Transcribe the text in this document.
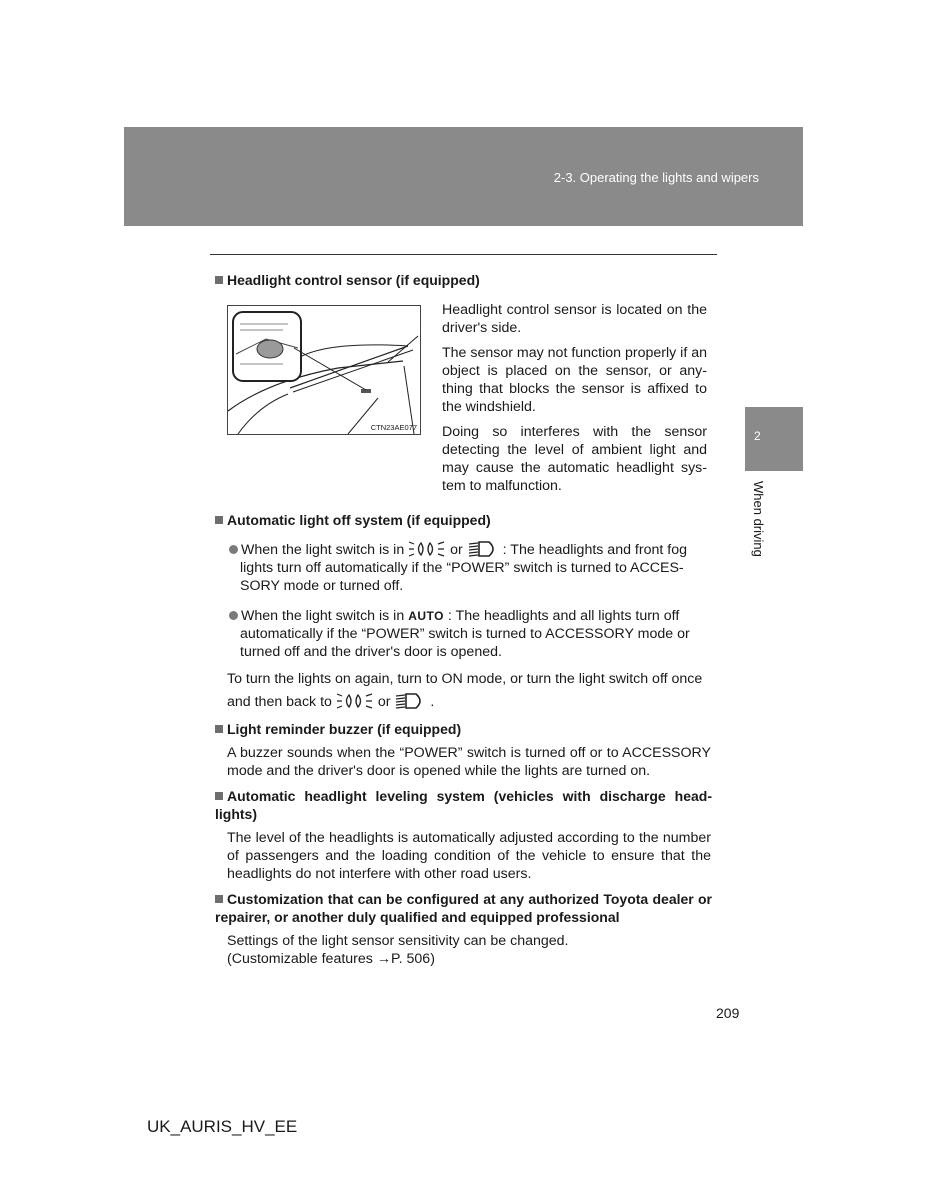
2-3. Operating the lights and wipers
2
When driving
Headlight control sensor (if equipped)
CTN23AE077
Headlight control sensor is located on the driver's side.
The sensor may not function properly if an object is placed on the sensor, or any-thing that blocks the sensor is affixed to the windshield.
Doing so interferes with the sensor detecting the level of ambient light and may cause the automatic headlight sys-tem to malfunction.
Automatic light off system (if equipped)
When the light switch is in	or	: The headlights and front fog
lights turn off automatically if the “POWER” switch is turned to ACCES-
SORY mode or turned off.
When the light switch is in AUTO : The headlights and all lights turn off
automatically if the “POWER” switch is turned to ACCESSORY mode or
turned off and the driver's door is opened.
To turn the lights on again, turn to ON mode, or turn the light switch off once
and then back to	or	.
Light reminder buzzer (if equipped)
A buzzer sounds when the “POWER” switch is turned off or to ACCESSORY mode and the driver's door is opened while the lights are turned on.
Automatic headlight leveling system (vehicles with discharge head-lights)
The level of the headlights is automatically adjusted according to the number of passengers and the loading condition of the vehicle to ensure that the headlights do not interfere with other road users.
Customization that can be configured at any authorized Toyota dealer or repairer, or another duly qualified and equipped professional
Settings of the light sensor sensitivity can be changed.
(Customizable features →P. 506)
209
UK_AURIS_HV_EE
